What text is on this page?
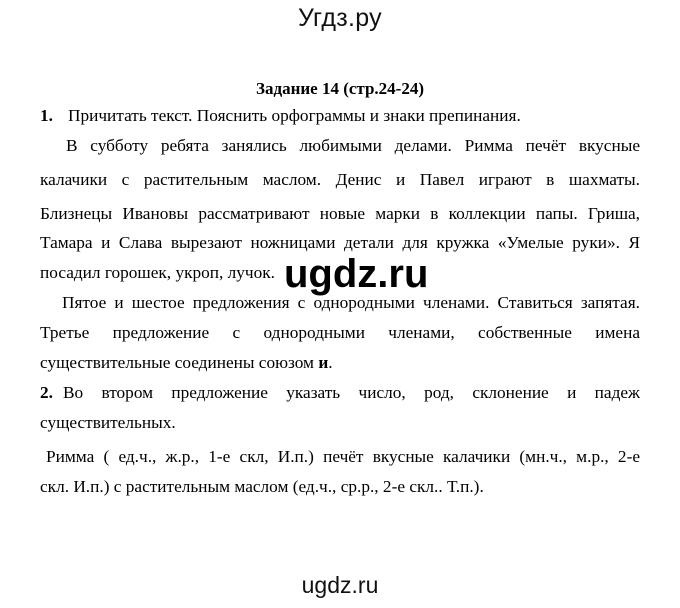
Угдз.ру
Задание 14 (стр.24-24)
1. Причитать текст. Пояснить орфограммы и знаки препинания.
В субботу ребята занялись любимыми делами. Римма печёт вкусные
калачики с растительным маслом. Денис и Павел играют в шахматы.
Близнецы Ивановы рассматривают новые марки в коллекции папы. Гриша,
Тамара и Слава вырезают ножницами детали для кружка «Умелые руки». Я
посадил горошек, укроп, лучок. ugdz.ru
Пятое и шестое предложения с однородными членами. Ставиться запятая.
Третье предложение с однородными членами, собственные имена
существительные соединены союзом и.
2. Во втором предложение указать число, род, склонение и падеж
существительных.
Римма ( ед.ч., ж.р., 1-е скл, И.п.) печёт вкусные калачики (мн.ч., м.р., 2-е
скл. И.п.) с растительным маслом (ед.ч., ср.р., 2-е скл.. Т.п.).
ugdz.ru
